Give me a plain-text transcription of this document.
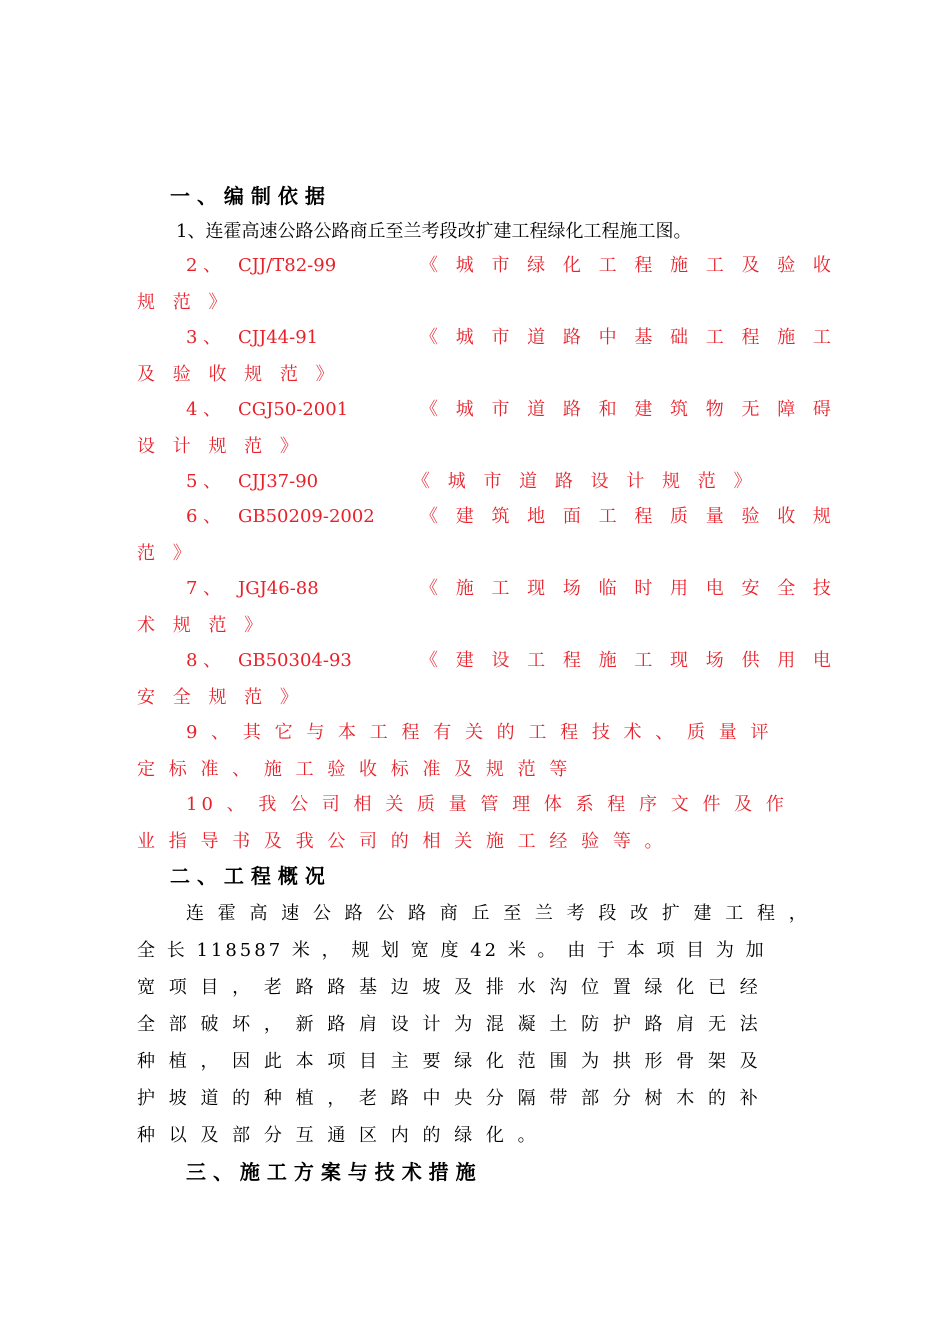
一 、 编 制 依 据
1、连霍高速公路公路商丘至兰考段改扩建工程绿化工程施工图。
2 、 CJJ/T82-99	《 城 市 绿 化 工 程 施 工 及 验 收
规 范 》
3 、 CJJ44-91	《 城 市 道 路 中 基 础 工 程 施 工
及 验 收 规 范 》
4 、 CGJ50-2001	《 城 市 道 路 和 建 筑 物 无 障 碍
设 计 规 范 》
5 、 CJJ37-90	《 城 市 道 路 设 计 规 范 》
6 、 GB50209-2002	《 建 筑 地 面 工 程 质 量 验 收 规
范 》
7 、 JGJ46-88	《 施 工 现 场 临 时 用 电 安 全 技
术 规 范 》
8 、 GB50304-93	《 建 设 工 程 施 工 现 场 供 用 电
安 全 规 范 》
9 、 其 它 与 本 工 程 有 关 的 工 程 技 术 、 质 量 评
定 标 准 、 施 工 验 收 标 准 及 规 范 等
10 、 我 公 司 相 关 质 量 管 理 体 系 程 序 文 件 及 作
业 指 导 书 及 我 公 司 的 相 关 施 工 经 验 等 。
二 、 工 程 概 况
连 霍 高 速 公 路 公 路 商 丘 至 兰 考 段 改 扩 建 工 程 ，
全 长 118587 米 ， 规 划 宽 度 42 米 。 由 于 本 项 目 为 加
宽 项 目 ， 老 路 路 基 边 坡 及 排 水 沟 位 置 绿 化 已 经
全 部 破 坏 ， 新 路 肩 设 计 为 混 凝 土 防 护 路 肩 无 法
种 植 ， 因 此 本 项 目 主 要 绿 化 范 围 为 拱 形 骨 架 及
护 坡 道 的 种 植 ， 老 路 中 央 分 隔 带 部 分 树 木 的 补
种 以 及 部 分 互 通 区 内 的 绿 化 。
三 、 施 工 方 案 与 技 术 措 施
